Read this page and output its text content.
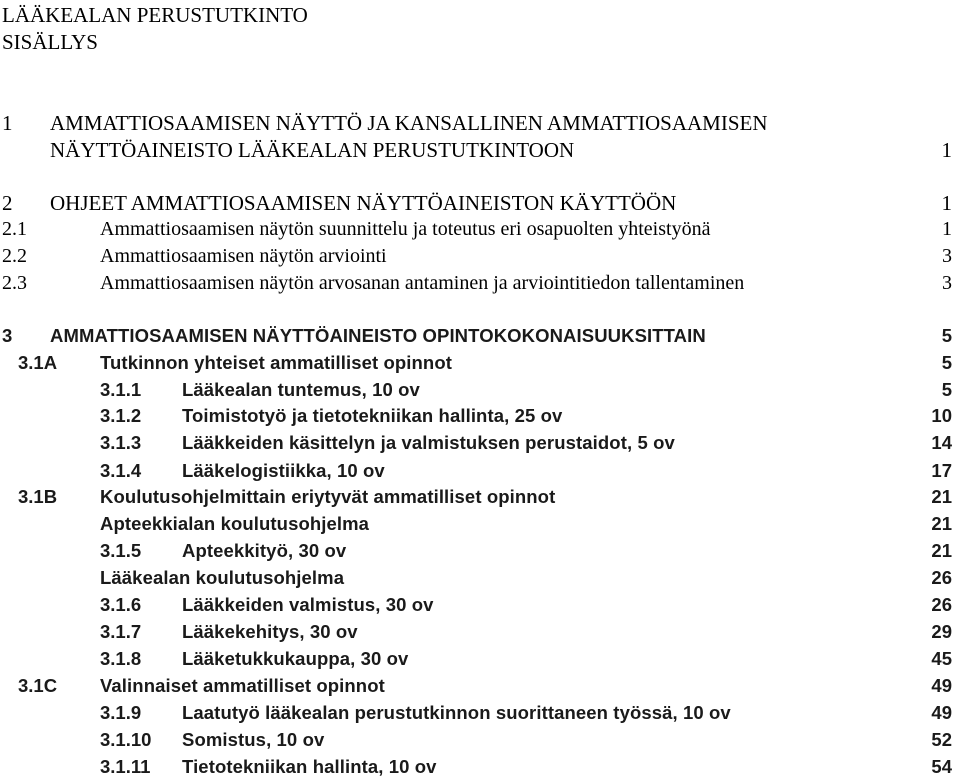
LÄÄKEALAN PERUSTUTKINTO
SISÄLLYS
1 AMMATTIOSAAMISEN NÄYTTÖ JA KANSALLINEN AMMATTIOSAAMISEN
NÄYTTÖAINEISTO LÄÄKEALAN PERUSTUTKINTOON	1
2 OHJEET AMMATTIOSAAMISEN NÄYTTÖAINEISTON KÄYTTÖÖN	1
2.1	Ammattiosaamisen näytön suunnittelu ja toteutus eri osapuolten yhteistyönä	1
2.2	Ammattiosaamisen näytön arviointi	3
2.3	Ammattiosaamisen näytön arvosanan antaminen ja arviointitiedon tallentaminen	3
3 AMMATTIOSAAMISEN NÄYTTÖAINEISTO OPINTOKOKONAISUUKSITTAIN	5
3.1A Tutkinnon yhteiset ammatilliset opinnot	5
3.1.1 Lääkealan tuntemus, 10 ov	5
3.1.2 Toimistotyö ja tietotekniikan hallinta, 25 ov	10
3.1.3 Lääkkeiden käsittelyn ja valmistuksen perustaidot, 5 ov	14
3.1.4 Lääkelogistiikka, 10 ov	17
3.1B Koulutusohjelmittain eriytyvät ammatilliset opinnot	21
Apteekkialan koulutusohjelma	21
3.1.5 Apteekkityö, 30 ov	21
Lääkealan koulutusohjelma	26
3.1.6 Lääkkeiden valmistus, 30 ov	26
3.1.7 Lääkekehitys, 30 ov	29
3.1.8 Lääketukkukauppa, 30 ov	45
3.1C Valinnaiset ammatilliset opinnot	49
3.1.9 Laatutyö lääkealan perustutkinnon suorittaneen työssä, 10 ov	49
3.1.10 Somistus, 10 ov	52
3.1.11 Tietotekniikan hallinta, 10 ov	54
